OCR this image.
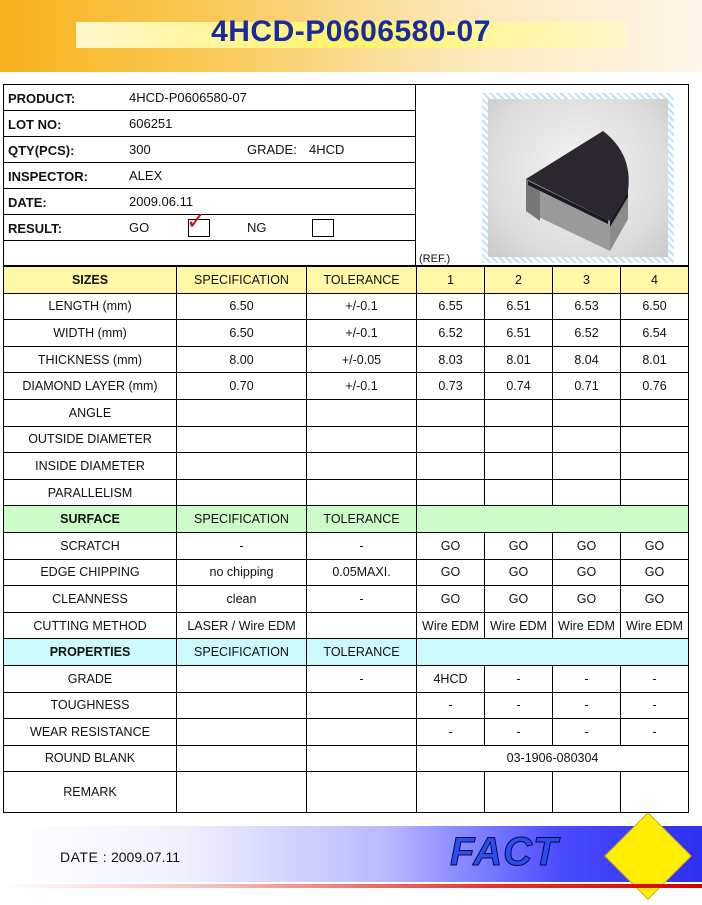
4HCD-P0606580-07
PRODUCT:	4HCD-P0606580-07
LOT NO:	606251
QTY(PCS):	300	GRADE: 4HCD
INSPECTOR:	ALEX
DATE:	2009.06.11
RESULT:	GO ✓	NG
(REF.)
SIZES	SPECIFICATION	TOLERANCE	1	2	3	4
LENGTH (mm)	6.50	+/-0.1	6.55	6.51	6.53	6.50
WIDTH (mm)	6.50	+/-0.1	6.52	6.51	6.52	6.54
THICKNESS (mm)	8.00	+/-0.05	8.03	8.01	8.04	8.01
DIAMOND LAYER (mm)	0.70	+/-0.1	0.73	0.74	0.71	0.76
ANGLE						
OUTSIDE DIAMETER						
INSIDE DIAMETER						
PARALLELISM						
SURFACE	SPECIFICATION	TOLERANCE				
SCRATCH	-	-	GO	GO	GO	GO
EDGE CHIPPING	no chipping	0.05MAXI.	GO	GO	GO	GO
CLEANNESS	clean	-	GO	GO	GO	GO
CUTTING METHOD	LASER / Wire EDM		Wire EDM	Wire EDM	Wire EDM	Wire EDM
PROPERTIES	SPECIFICATION	TOLERANCE				
GRADE		-	4HCD	-	-	-
TOUGHNESS			-	-	-	-
WEAR RESISTANCE			-	-	-	-
ROUND BLANK			03-1906-080304			
REMARK						
DATE : 2009.07.11	FACT
